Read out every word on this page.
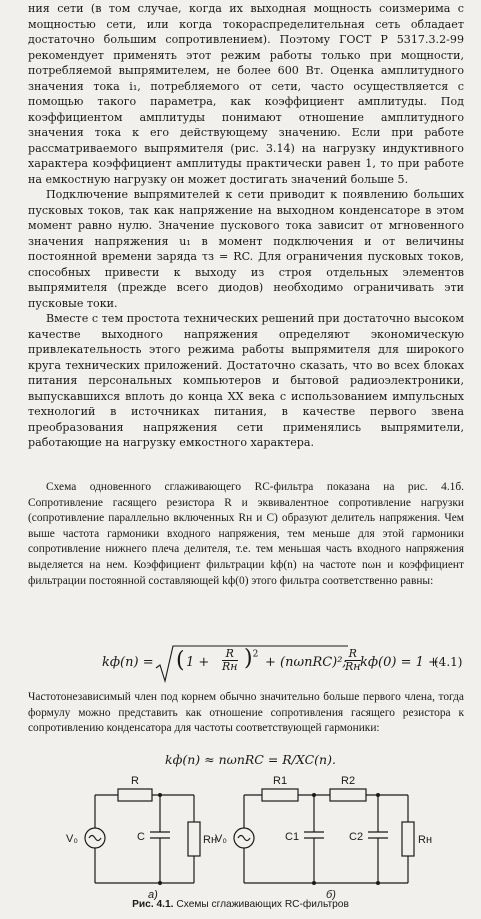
ния сети (в том случае, когда их выходная мощность соизмерима с мощностью сети, или когда токораспределительная сеть обладает достаточно большим сопротивлением). Поэтому ГОСТ Р 5317.3.2-99 рекомендует применять этот режим работы только при мощности, потребляемой выпрямителем, не более 600 Вт. Оценка амплитудного значения тока i₁, потребляемого от сети, часто осуществляется с помощью такого параметра, как коэффициент амплитуды. Под коэффициентом амплитуды понимают отношение амплитудного значения тока к его действующему значению. Если при работе рассматриваемого выпрямителя (рис. 3.14) на нагрузку индуктивного характера коэффициент амплитуды практически равен 1, то при работе на емкостную нагрузку он может достигать значений больше 5.

Подключение выпрямителей к сети приводит к появлению больших пусковых токов, так как напряжение на выходном конденсаторе в этом момент равно нулю. Значение пускового тока зависит от мгновенного значения напряжения u₁ в момент подключения и от величины постоянной времени заряда τз = RC. Для ограничения пусковых токов, способных привести к выходу из строя отдельных элементов выпрямителя (прежде всего диодов) необходимо ограничивать эти пусковые токи.

Вместе с тем простота технических решений при достаточно высоком качестве выходного напряжения определяют экономическую привлекательность этого режима работы выпрямителя для широкого круга технических приложений. Достаточно сказать, что во всех блоках питания персональных компьютеров и бытовой радиоэлектроники, выпускавшихся вплоть до конца XX века с использованием импульсных технологий в источниках питания, в качестве первого звена преобразования напряжения сети применялись выпрямители, работающие на нагрузку емкостного характера.

Схема одновенного сглаживающего RC-фильтра показана на рис. 4.1б. Сопротивление гасящего резистора R и эквивалентное сопротивление нагрузки (сопротивление параллельно включенных Rн и C) образуют делитель напряжения. Чем выше частота гармоники входного напряжения, тем меньше для этой гармоники сопротивление нижнего плеча делителя, т.е. тем меньшая часть входного напряжения выделяется на нем. Коэффициент фильтрации kф(n) на частоте nωн и коэффициент фильтрации постоянной составляющей kф(0) этого фильтра соответственно равны:

kф(n) = ( 1 +
R
Rн )$^2$
+ (nωпRC)²; kф(0) = 1 +
(4.1)
R
Rн

Частотонезависимый член под корнем обычно значительно больше первого члена, тогда формулу можно представить как отношение сопротивления гасящего резистора к сопротивлению конденсатора для частоты соответствующей гармоники:

kф(n) ≈ nωпRC = R/XC(n).
R
V₀	C	Rн
а)
R1	R2
V₀	C1	C2	Rн
б)
Рис. 4.1. Схемы сглаживающих RC-фильтров
